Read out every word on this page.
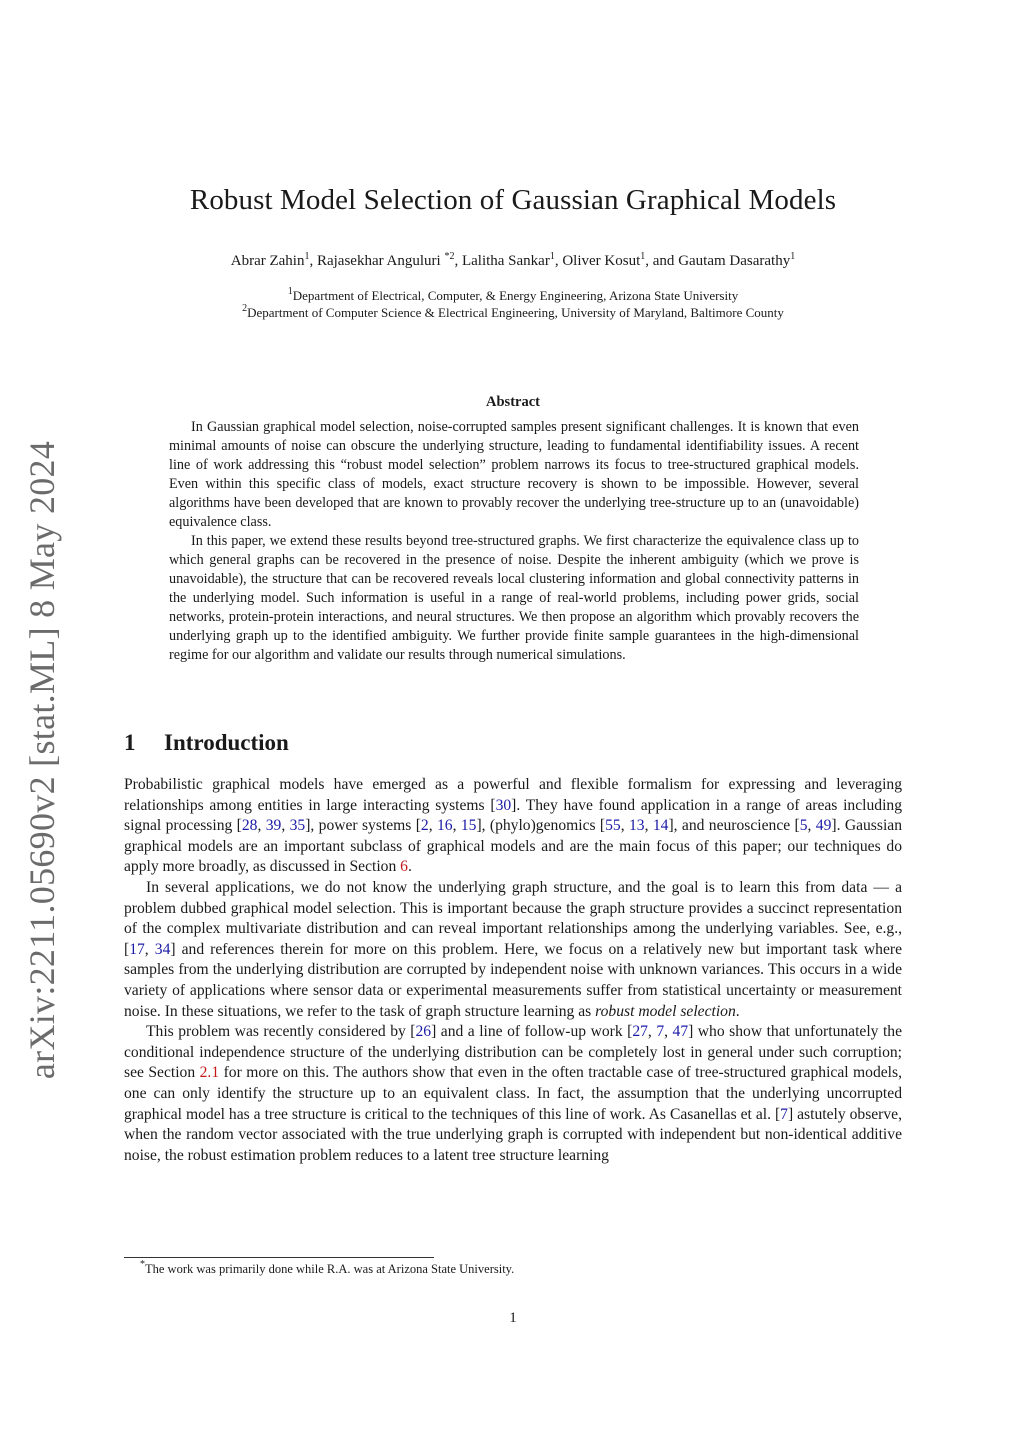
arXiv:2211.05690v2 [stat.ML] 8 May 2024
Robust Model Selection of Gaussian Graphical Models
Abrar Zahin$^1$, Rajasekhar Anguluri $^{*2}$, Lalitha Sankar$^1$, Oliver Kosut$^1$, and Gautam Dasarathy$^1$
$^1$Department of Electrical, Computer, & Energy Engineering, Arizona State University
$^2$Department of Computer Science & Electrical Engineering, University of Maryland, Baltimore County
Abstract

In Gaussian graphical model selection, noise-corrupted samples present significant challenges. It is known that even minimal amounts of noise can obscure the underlying structure, leading to fundamental identifiability issues. A recent line of work addressing this “robust model selection” problem narrows its focus to tree-structured graphical models. Even within this specific class of models, exact structure recovery is shown to be impossible. However, several algorithms have been developed that are known to provably recover the underlying tree-structure up to an (unavoidable) equivalence class.

In this paper, we extend these results beyond tree-structured graphs. We first characterize the equivalence class up to which general graphs can be recovered in the presence of noise. Despite the inherent ambiguity (which we prove is unavoidable), the structure that can be recovered reveals local clustering information and global connectivity patterns in the underlying model. Such information is useful in a range of real-world problems, including power grids, social networks, protein-protein interactions, and neural structures. We then propose an algorithm which provably recovers the underlying graph up to the identified ambiguity. We further provide finite sample guarantees in the high-dimensional regime for our algorithm and validate our results through numerical simulations.

1 Introduction

Probabilistic graphical models have emerged as a powerful and flexible formalism for expressing and leveraging relationships among entities in large interacting systems [30]. They have found application in a range of areas including signal processing [28, 39, 35], power systems [2, 16, 15], (phylo)genomics [55, 13, 14], and neuroscience [5, 49]. Gaussian graphical models are an important subclass of graphical models and are the main focus of this paper; our techniques do apply more broadly, as discussed in Section 6.

In several applications, we do not know the underlying graph structure, and the goal is to learn this from data — a problem dubbed graphical model selection. This is important because the graph structure provides a succinct representation of the complex multivariate distribution and can reveal important relationships among the underlying variables. See, e.g., [17, 34] and references therein for more on this problem. Here, we focus on a relatively new but important task where samples from the underlying distribution are corrupted by independent noise with unknown variances. This occurs in a wide variety of applications where sensor data or experimental measurements suffer from statistical uncertainty or measurement noise. In these situations, we refer to the task of graph structure learning as robust model selection.

This problem was recently considered by [26] and a line of follow-up work [27, 7, 47] who show that unfortunately the conditional independence structure of the underlying distribution can be completely lost in general under such corruption; see Section 2.1 for more on this. The authors show that even in the often tractable case of tree-structured graphical models, one can only identify the structure up to an equivalent class. In fact, the assumption that the underlying uncorrupted graphical model has a tree structure is critical to the techniques of this line of work. As Casanellas et al. [7] astutely observe, when the random vector associated with the true underlying graph is corrupted with independent but non-identical additive noise, the robust estimation problem reduces to a latent tree structure learning

*The work was primarily done while R.A. was at Arizona State University.
1
